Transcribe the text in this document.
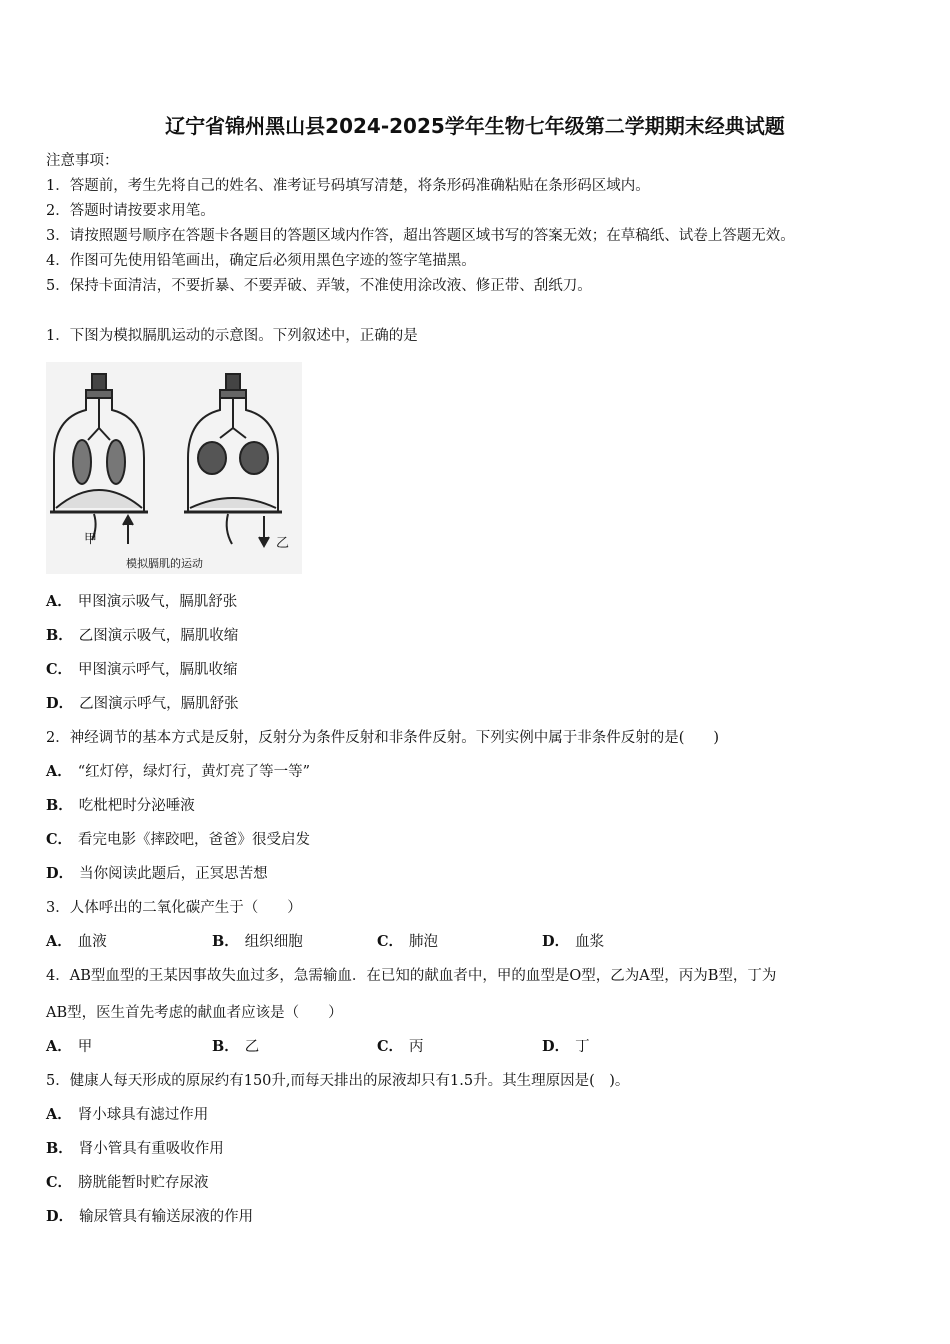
辽宁省锦州黑山县2024-2025学年生物七年级第二学期期末经典试题
注意事项：
1．答题前，考生先将自己的姓名、准考证号码填写清楚，将条形码准确粘贴在条形码区域内。
2．答题时请按要求用笔。
3．请按照题号顺序在答题卡各题目的答题区域内作答，超出答题区域书写的答案无效；在草稿纸、试卷上答题无效。
4．作图可先使用铅笔画出，确定后必须用黑色字迹的签字笔描黑。
5．保持卡面清洁，不要折暴、不要弄破、弄皱，不准使用涂改液、修正带、刮纸刀。
1．下图为模拟膈肌运动的示意图。下列叙述中，正确的是
甲	乙
模拟膈肌的运动
A． 甲图演示吸气，膈肌舒张
B． 乙图演示吸气，膈肌收缩
C． 甲图演示呼气，膈肌收缩
D． 乙图演示呼气，膈肌舒张
2．神经调节的基本方式是反射，反射分为条件反射和非条件反射。下列实例中属于非条件反射的是(　　)
A． “红灯停，绿灯行，黄灯亮了等一等”
B． 吃枇杷时分泌唾液
C． 看完电影《摔跤吧，爸爸》很受启发
D． 当你阅读此题后，正冥思苦想
3．人体呼出的二氧化碳产生于（　　）
A． 血液	B． 组织细胞	C． 肺泡	D． 血浆
4．AB型血型的王某因事故失血过多，急需输血．在已知的献血者中，甲的血型是O型，乙为A型，丙为B型，丁为
AB型，医生首先考虑的献血者应该是（　　）
A． 甲	B． 乙	C． 丙	D． 丁
5．健康人每天形成的原尿约有150升,而每天排出的尿液却只有1.5升。其生理原因是(　)。
A． 肾小球具有滤过作用
B． 肾小管具有重吸收作用
C． 膀胱能暂时贮存尿液
D． 输尿管具有输送尿液的作用
